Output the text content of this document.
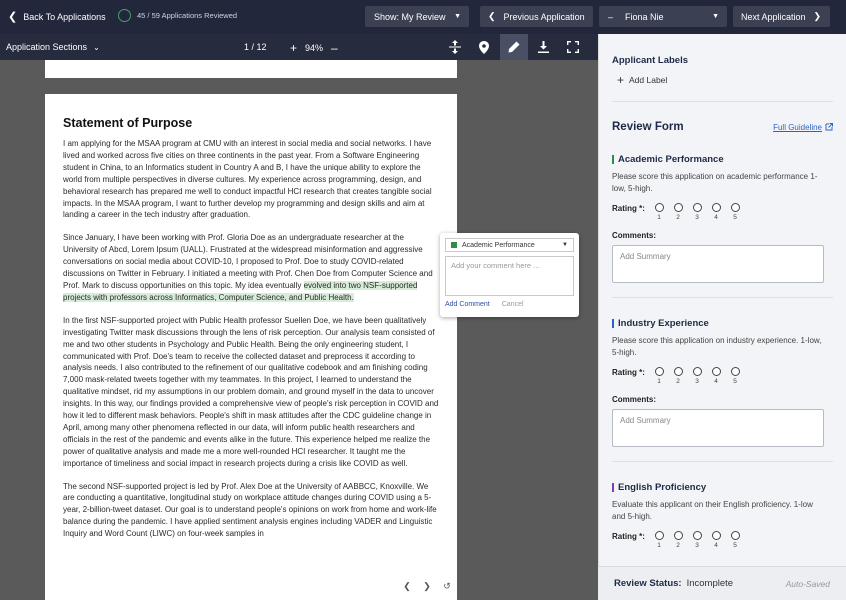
❮ Back To Applications	45 / 59 Applications Reviewed	Show: My Review ▼	❮ Previous Application	– Fiona Nie	▼ Next Application ❯
Application Sections ⌄	1 / 12 + 94% –
Statement of Purpose

I am applying for the MSAA program at CMU with an interest in social media and social networks. I have lived and worked across five cities on three continents in the past year. From a Software Engineering student in China, to an Informatics student in Country A and B, I have the unique ability to explore the world from multiple perspectives in diverse cultures. My experience across programming, design, and behavioral research has prepared me well to conduct impactful HCI research that creates tangible social impacts. In the MSAA program, I want to further develop my programming and design skills and aim at landing a career in the tech industry after graduation.

Since January, I have been working with Prof. Gloria Doe as an undergraduate researcher at the University of Abcd, Lorem Ipsum (UALL). Frustrated at the widespread misinformation and aggressive conversations on social media about COVID-10, I proposed to Prof. Doe to study COVID-related discussions on Twitter in February. I initiated a meeting with Prof. Chen Doe from Computer Science and Prof. Mark to discuss opportunities on this topic. My idea eventually evolved into two NSF-supported projects with professors across Informatics, Computer Science, and Public Health.

In the first NSF-supported project with Public Health professor Suellen Doe, we have been qualitatively investigating Twitter mask discussions through the lens of risk perception. Our analysis team consisted of me and two other students in Psychology and Public Health. Being the only engineering student, I communicated with Prof. Doe's team to receive the collected dataset and preprocess it according to analysis needs. I also contributed to the refinement of our qualitative codebook and am finishing coding 7,000 mask-related tweets together with my teammates. In this project, I learned to understand the qualitative mindset, rid my assumptions in our problem domain, and ground myself in the data to uncover insights. In this way, our findings provided a comprehensive view of people's risk perception in COVID and how it led to different mask behaviors. People's shift in mask attitudes after the CDC guideline change in April, among many other phenomena reflected in our data, will inform public health researchers and officials in the rest of the pandemic and events alike in the future. This experience helped me realize the power of qualitative analysis and made me a more well-rounded HCI researcher. It taught me the importance of timeliness and social impact in research projects during a crisis like COVID as well.

The second NSF-supported project is led by Prof. Alex Doe at the University of AABBCC, Knoxville. We are conducting a quantitative, longitudinal study on workplace attitude changes during COVID using a 5-year, 2-billion-tweet dataset. Our goal is to understand people's opinions on work from home and work-life balance during the pandemic. I have applied sentiment analysis engines including VADER and Linguistic Inquiry and Word Count (LIWC) on four-week samples in

❮ ❯ ↺
Academic Performance	▼
Add your comment here ...
Add Comment Cancel
Applicant Labels
+ Add Label
Review Form	Full Guideline
Academic Performance
Please score this application on academic performance 1-low, 5-high.
Rating *:
1 2 3 4 5
Comments:
Add Summary
Industry Experience
Please score this application on industry experience. 1-low, 5-high.
Rating *:
1 2 3 4 5
Comments:
Add Summary
English Proficiency
Evaluate this applicant on their English proficiency. 1-low and 5-high.
Rating *:
1 2 3 4 5
Review Status: Incomplete	Auto-Saved
